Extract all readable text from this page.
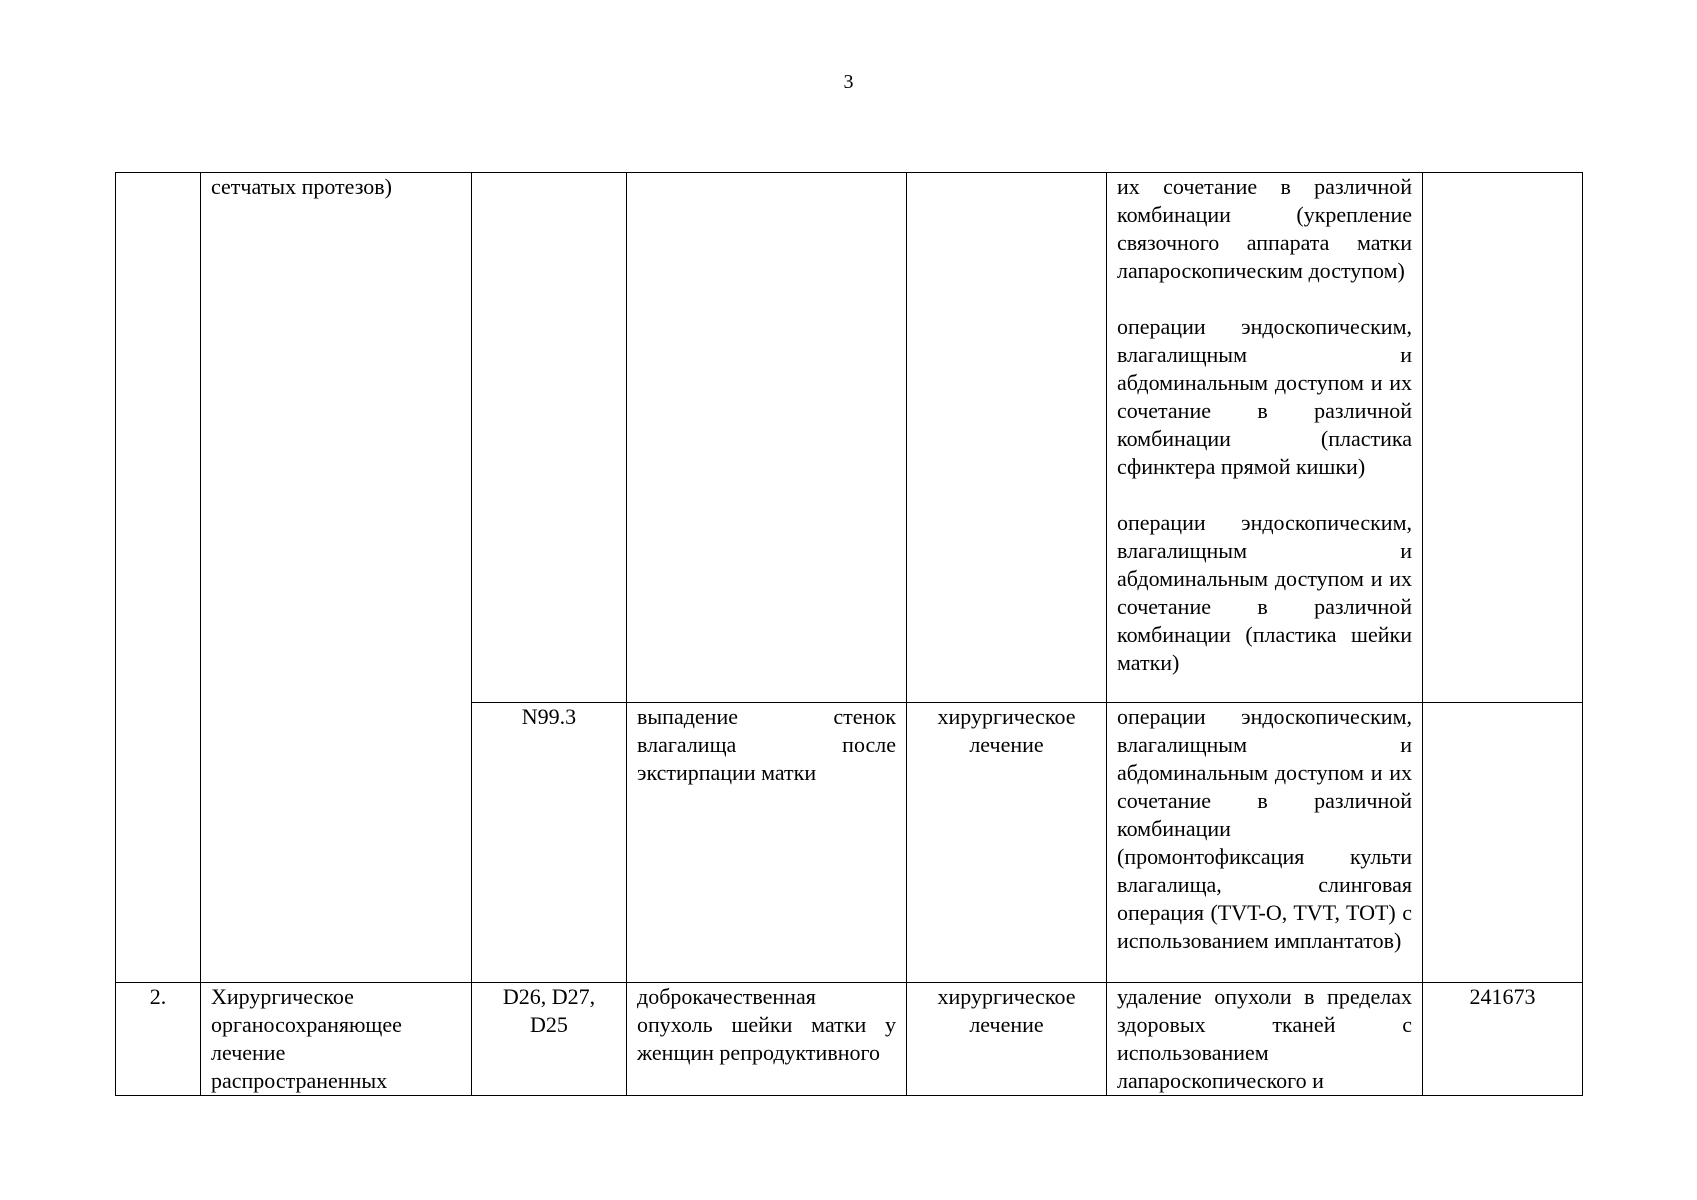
3
	сетчатых протезов)				их сочетание в различной комбинации (укрепление связочного аппарата матки лапароскопическим доступом)
операции эндоскопическим, влагалищным и абдоминальным доступом и их сочетание в различной комбинации (пластика сфинктера прямой кишки)
операции эндоскопическим, влагалищным и абдоминальным доступом и их сочетание в различной комбинации (пластика шейки матки)	

		N99.3	выпадение стенок влагалища после экстирпации матки	хирургическое лечение	операции эндоскопическим, влагалищным и абдоминальным доступом и их сочетание в различной комбинации (промонтофиксация культи влагалища, слинговая операция (TVT-O, TVT, TOT) с использованием имплантатов)	
2.	Хирургическое органосохраняющее лечение распространенных	D26, D27, D25	доброкачественная опухоль шейки матки у женщин репродуктивного	хирургическое лечение	удаление опухоли в пределах здоровых тканей с использованием лапароскопического и	241673
